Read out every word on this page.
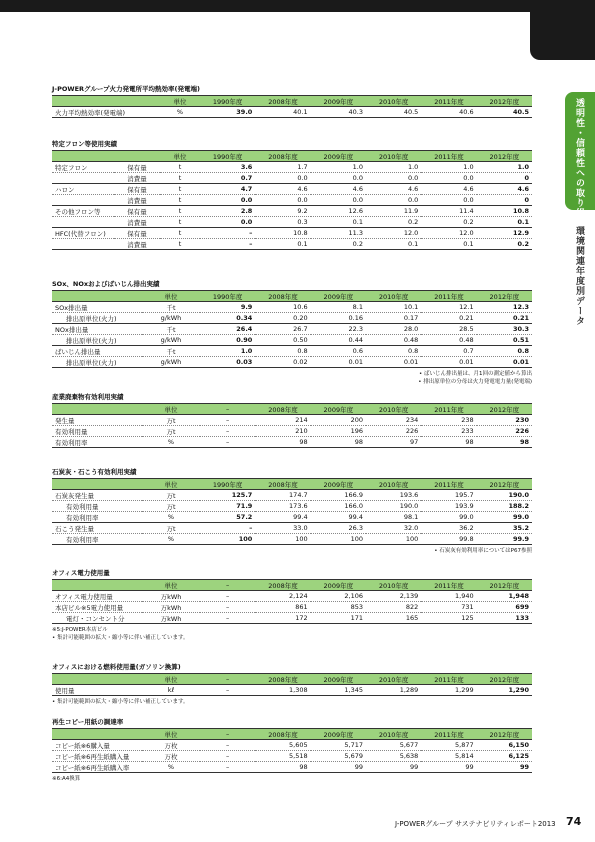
透明性・信頼性への取り組み
環境関連年度別データ
J-POWERグループ火力発電所平均熱効率(発電端)
	単位	1990年度	2008年度	2009年度	2010年度	2011年度	2012年度
火力平均熱効率(発電端)	%	39.0	40.1	40.3	40.5	40.6	40.5
特定フロン等使用実績
		単位	1990年度	2008年度	2009年度	2010年度	2011年度	2012年度
特定フロン	保有量	t	3.6	1.7	1.0	1.0	1.0	1.0
	消費量	t	0.7	0.0	0.0	0.0	0.0	0
ハロン	保有量	t	4.7	4.6	4.6	4.6	4.6	4.6
	消費量	t	0.0	0.0	0.0	0.0	0.0	0
その他フロン等	保有量	t	2.8	9.2	12.6	11.9	11.4	10.8
	消費量	t	0.0	0.3	0.1	0.2	0.2	0.1
HFC(代替フロン)	保有量	t	–	10.8	11.3	12.0	12.0	12.9
	消費量	t	–	0.1	0.2	0.1	0.1	0.2
SOx、NOxおよびばいじん排出実績
	単位	1990年度	2008年度	2009年度	2010年度	2011年度	2012年度
SOx排出量	千t	9.9	10.6	8.1	10.1	12.1	12.3
排出原単位(火力)	g/kWh	0.34	0.20	0.16	0.17	0.21	0.21
NOx排出量	千t	26.4	26.7	22.3	28.0	28.5	30.3
排出原単位(火力)	g/kWh	0.90	0.50	0.44	0.48	0.48	0.51
ばいじん排出量	千t	1.0	0.8	0.6	0.8	0.7	0.8
排出原単位(火力)	g/kWh	0.03	0.02	0.01	0.01	0.01	0.01
• ばいじん排出量は、月1回の測定値から算出
• 排出原単位の分母は火力発電電力量(発電端)
産業廃棄物有効利用実績
	単位	–	2008年度	2009年度	2010年度	2011年度	2012年度
発生量	万t	–	214	200	234	238	230
有効利用量	万t	–	210	196	226	233	226
有効利用率	%	–	98	98	97	98	98
石炭灰・石こう有効利用実績
	単位	1990年度	2008年度	2009年度	2010年度	2011年度	2012年度
石炭灰発生量	万t	125.7	174.7	166.9	193.6	195.7	190.0
有効利用量	万t	71.9	173.6	166.0	190.0	193.9	188.2
有効利用率	%	57.2	99.4	99.4	98.1	99.0	99.0
石こう発生量	万t	–	33.0	26.3	32.0	36.2	35.2
有効利用率	%	100	100	100	100	99.8	99.9
• 石炭灰有効利用率についてはP67参照
オフィス電力使用量
	単位	–	2008年度	2009年度	2010年度	2011年度	2012年度
オフィス電力使用量	万kWh	–	2,124	2,106	2,139	1,940	1,948
本店ビル※5電力使用量	万kWh	–	861	853	822	731	699
電灯・コンセント分	万kWh	–	172	171	165	125	133
※5:J-POWER本店ビル
• 集計可能範囲の拡大・縮小等に伴い補正しています。
オフィスにおける燃料使用量(ガソリン換算)
	単位	–	2008年度	2009年度	2010年度	2011年度	2012年度
使用量	kℓ	–	1,308	1,345	1,289	1,299	1,290
• 集計可能範囲の拡大・縮小等に伴い補正しています。
再生コピー用紙の調達率
	単位	–	2008年度	2009年度	2010年度	2011年度	2012年度
コピー紙※6購入量	万枚	–	5,605	5,717	5,677	5,877	6,150
コピー紙※6再生紙購入量	万枚	–	5,518	5,679	5,638	5,814	6,125
コピー紙※6再生紙購入率	%	–	98	99	99	99	99
※6:A4換算
J-POWERグループ サステナビリティレポート2013 74
